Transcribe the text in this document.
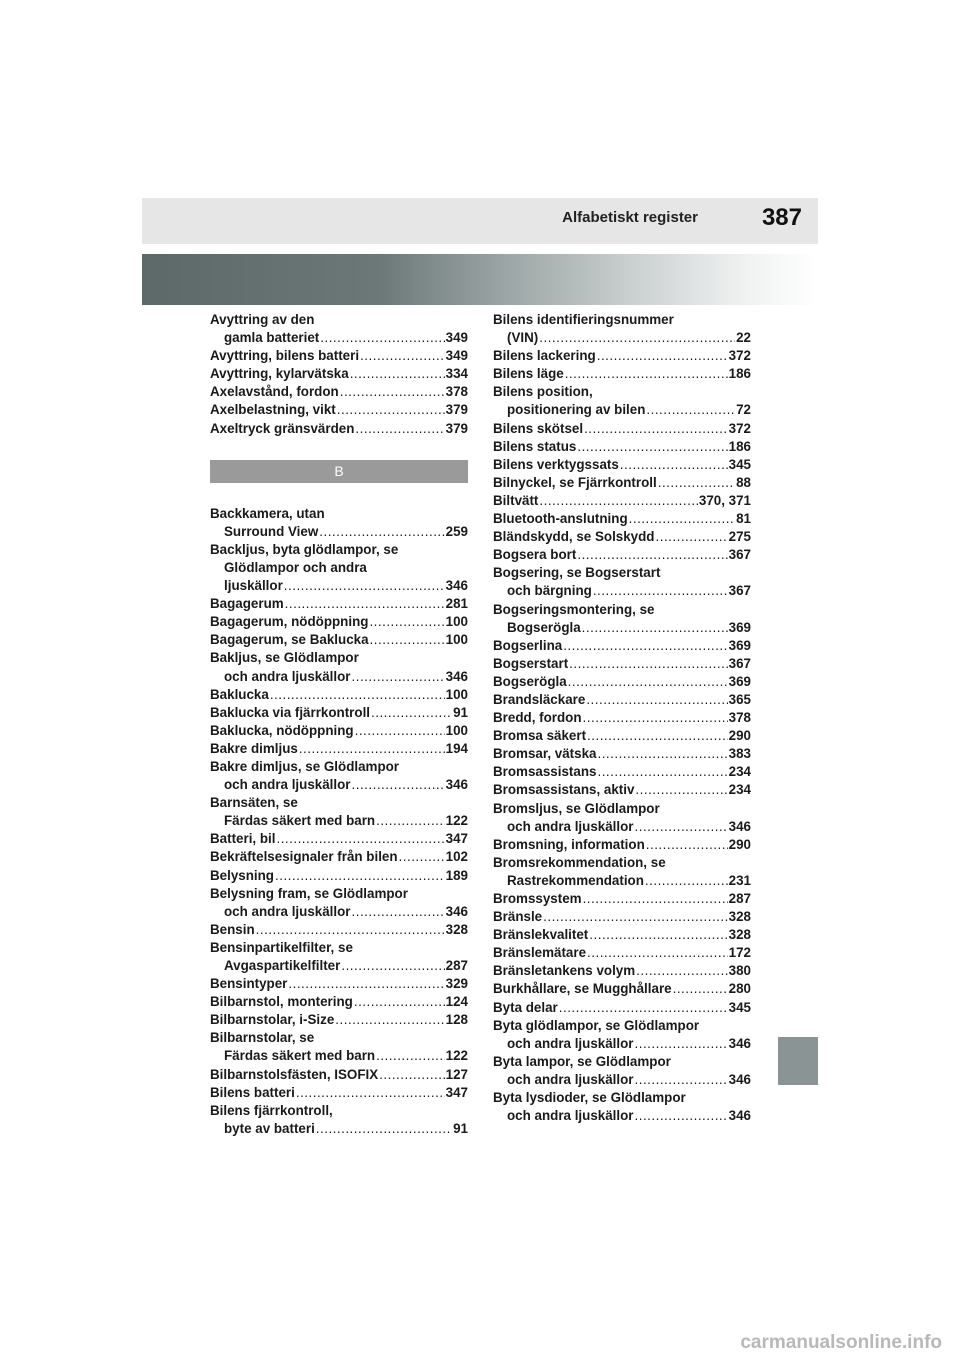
Alfabetiskt register	387
Avyttring av den
gamla batteriet .....	349
Avyttring, bilens batteri .....	349
Avyttring, kylarvätska .....	334
Axelavstånd, fordon .....	378
Axelbelastning, vikt .....	379
Axeltryck gränsvärden .....	379
B
Backkamera, utan
Surround View .....	259
Backljus, byta glödlampor, se
Glödlampor och andra
ljuskällor .....	346
Bagagerum .....	281
Bagagerum, nödöppning .....	100
Bagagerum, se Baklucka .....	100
Bakljus, se Glödlampor
och andra ljuskällor .....	346
Baklucka .....	100
Baklucka via fjärrkontroll .....	91
Baklucka, nödöppning .....	100
Bakre dimljus .....	194
Bakre dimljus, se Glödlampor
och andra ljuskällor .....	346
Barnsäten, se
Färdas säkert med barn .....	122
Batteri, bil .....	347
Bekräftelsesignaler från bilen .....	102
Belysning .....	189
Belysning fram, se Glödlampor
och andra ljuskällor .....	346
Bensin .....	328
Bensinpartikelfilter, se
Avgaspartikelfilter .....	287
Bensintyper .....	329
Bilbarnstol, montering .....	124
Bilbarnstolar, i-Size .....	128
Bilbarnstolar, se
Färdas säkert med barn .....	122
Bilbarnstolsfästen, ISOFIX .....	127
Bilens batteri .....	347
Bilens fjärrkontroll,
byte av batteri .....	91
Bilens identifieringsnummer
(VIN) .....	22
Bilens lackering .....	372
Bilens läge .....	186
Bilens position,
positionering av bilen .....	72
Bilens skötsel .....	372
Bilens status .....	186
Bilens verktygssats .....	345
Bilnyckel, se Fjärrkontroll .....	88
Biltvätt .....	370, 371
Bluetooth-anslutning .....	81
Bländskydd, se Solskydd .....	275
Bogsera bort .....	367
Bogsering, se Bogserstart
och bärgning .....	367
Bogseringsmontering, se
Bogserögla .....	369
Bogserlina .....	369
Bogserstart .....	367
Bogserögla .....	369
Brandsläckare .....	365
Bredd, fordon .....	378
Bromsa säkert .....	290
Bromsar, vätska .....	383
Bromsassistans .....	234
Bromsassistans, aktiv .....	234
Bromsljus, se Glödlampor
och andra ljuskällor .....	346
Bromsning, information .....	290
Bromsrekommendation, se
Rastrekommendation .....	231
Bromssystem .....	287
Bränsle .....	328
Bränslekvalitet .....	328
Bränslemätare .....	172
Bränsletankens volym .....	380
Burkhållare, se Mugghållare .....	280
Byta delar .....	345
Byta glödlampor, se Glödlampor
och andra ljuskällor .....	346
Byta lampor, se Glödlampor
och andra ljuskällor .....	346
Byta lysdioder, se Glödlampor
och andra ljuskällor .....	346
carmanualsonline.info
